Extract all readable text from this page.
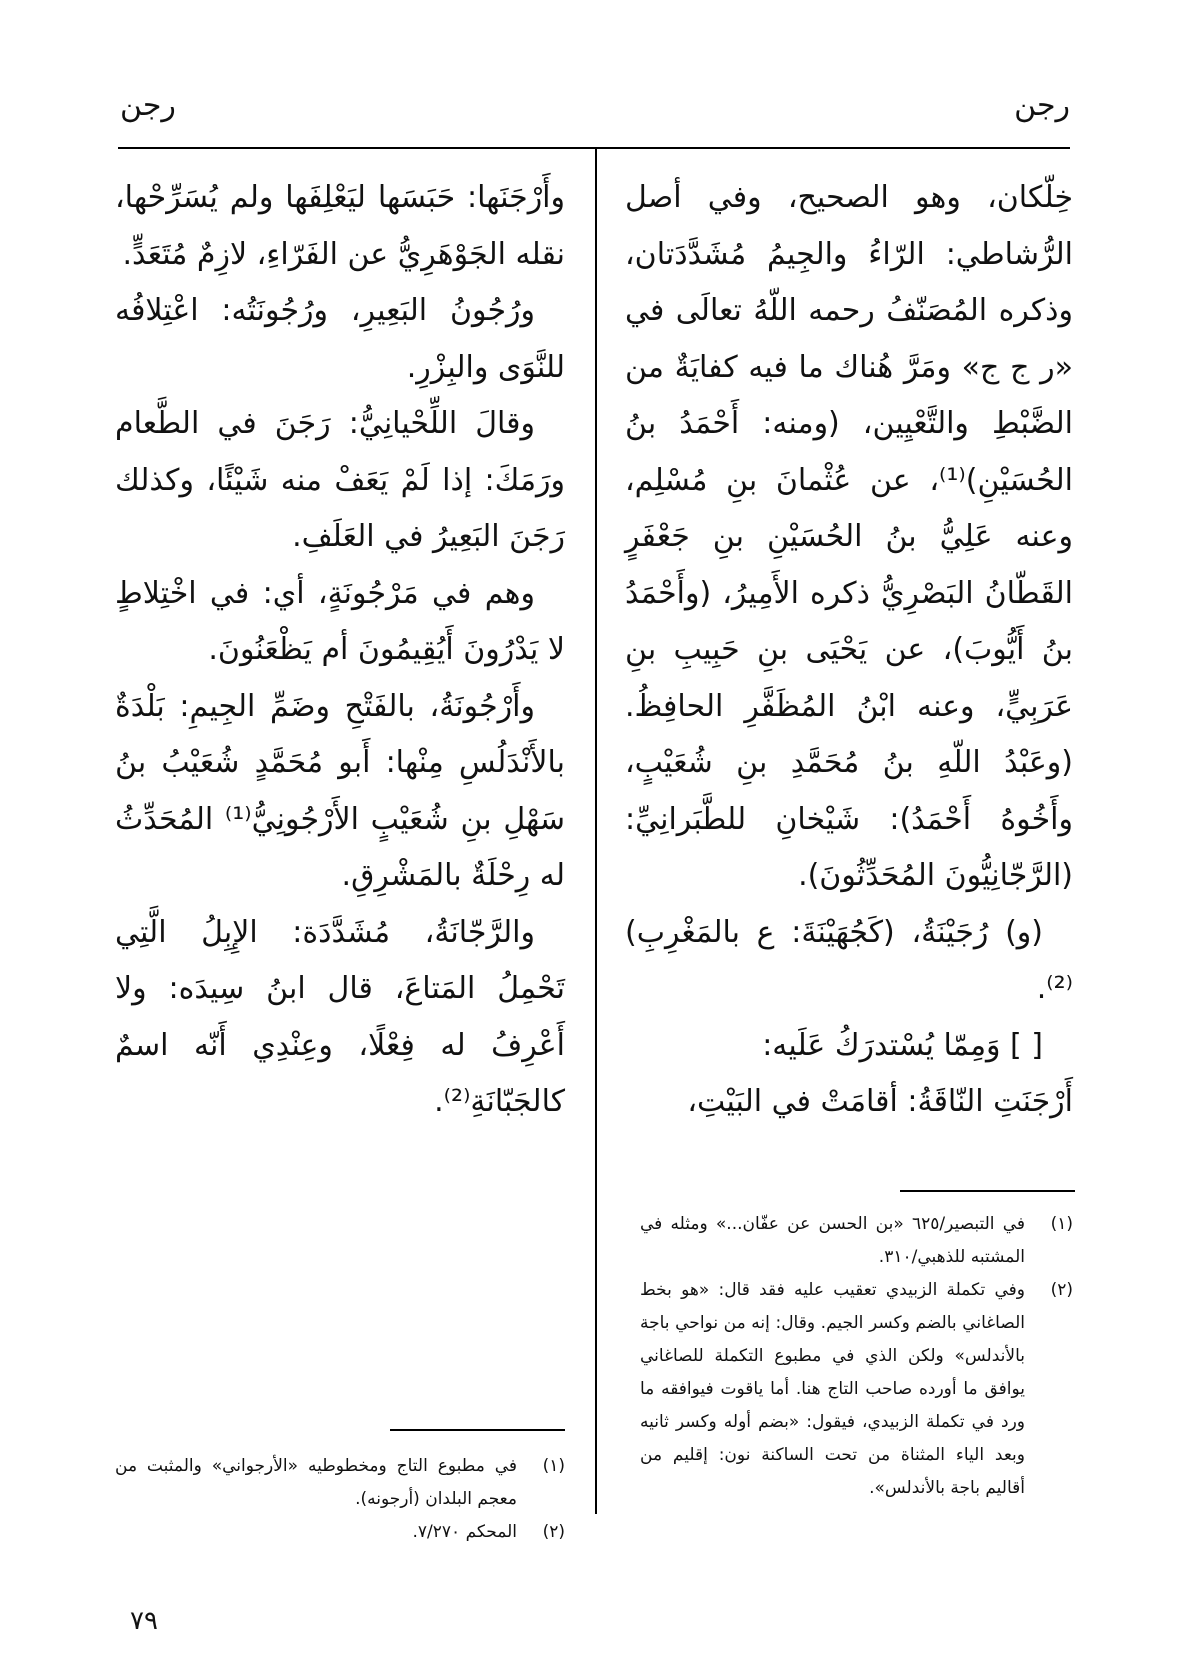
رجن
رجن

خِلّكان، وهو الصحيح، وفي أصل الرُّشاطي: الرّاءُ والجِيمُ مُشَدَّدَتان، وذكره المُصَنّفُ رحمه اللّهُ تعالَى في «ر ج ج» ومَرَّ هُناك ما فيه كفايَةٌ من الضَّبْطِ والتَّعْيِين، (ومنه: أَحْمَدُ بنُ الحُسَيْنِ)⁽¹⁾، عن عُثْمانَ بنِ مُسْلِم، وعنه عَلِيُّ بنُ الحُسَيْنِ بنِ جَعْفَرٍ القَطّانُ البَصْرِيُّ ذكره الأَمِيرُ، (وأَحْمَدُ بنُ أَيُّوبَ)، عن يَحْيَى بنِ حَبِيبِ بنِ عَرَبِيٍّ، وعنه ابْنُ المُظَفَّرِ الحافِظُ. (وعَبْدُ اللّهِ بنُ مُحَمَّدِ بنِ شُعَيْبٍ، وأَخُوهُ أَحْمَدُ): شَيْخانِ للطَّبَرانِيِّ: (الرَّجّانِيُّونَ المُحَدِّثُونَ).

(و) رُجَيْنَةُ، (كَجُهَيْنَةَ: ع بالمَغْرِبِ)⁽²⁾.

[ ] وَمِمّا يُسْتدرَكُ عَلَيه:

أَرْجَنَتِ النّاقَةُ: أقامَتْ في البَيْتِ،

(١)
في التبصير/٦٢٥ «بن الحسن عن عفّان...» ومثله في المشتبه للذهبي/٣١٠.
(٢)
وفي تكملة الزبيدي تعقيب عليه فقد قال: «هو بخط الصاغاني بالضم وكسر الجيم. وقال: إنه من نواحي باجة بالأندلس» ولكن الذي في مطبوع التكملة للصاغاني يوافق ما أورده صاحب التاج هنا. أما ياقوت فيوافقه ما ورد في تكملة الزبيدي، فيقول: «بضم أوله وكسر ثانيه وبعد الياء المثناة من تحت الساكنة نون: إقليم من أقاليم باجة بالأندلس».

وأَرْجَنَها: حَبَسَها ليَعْلِفَها ولم يُسَرِّحْها، نقله الجَوْهَرِيُّ عن الفَرّاءِ، لازِمٌ مُتَعَدٍّ.

ورُجُونُ البَعِيرِ، ورُجُونَتُه: اعْتِلافُه للنَّوَى والبِزْرِ.

وقالَ اللِّحْيانِيُّ: رَجَنَ في الطَّعام ورَمَكَ: إذا لَمْ يَعَفْ منه شَيْئًا، وكذلك رَجَنَ البَعِيرُ في العَلَفِ.

وهم في مَرْجُونَةٍ، أي: في اخْتِلاطٍ لا يَدْرُونَ أَيُقِيمُونَ أم يَظْعَنُونَ.

وأَرْجُونَةُ، بالفَتْحِ وضَمِّ الجِيمِ: بَلْدَةٌ بالأَنْدَلُسِ مِنْها: أَبو مُحَمَّدٍ شُعَيْبُ بنُ سَهْلِ بنِ شُعَيْبٍ الأَرْجُونِيُّ⁽¹⁾ المُحَدِّثُ له رِحْلَةٌ بالمَشْرِقِ.

والرَّجّانَةُ، مُشَدَّدَة: الإِبِلُ الَّتِي تَحْمِلُ المَتاعَ، قال ابنُ سِيدَه: ولا أَعْرِفُ له فِعْلًا، وعِنْدِي أَنّه اسمٌ كالجَبّانَةِ⁽²⁾.

(١)
في مطبوع التاج ومخطوطيه «الأرجواني» والمثبت من معجم البلدان (أرجونه).
(٢)
المحكم ٧/٢٧٠.
٧٩
